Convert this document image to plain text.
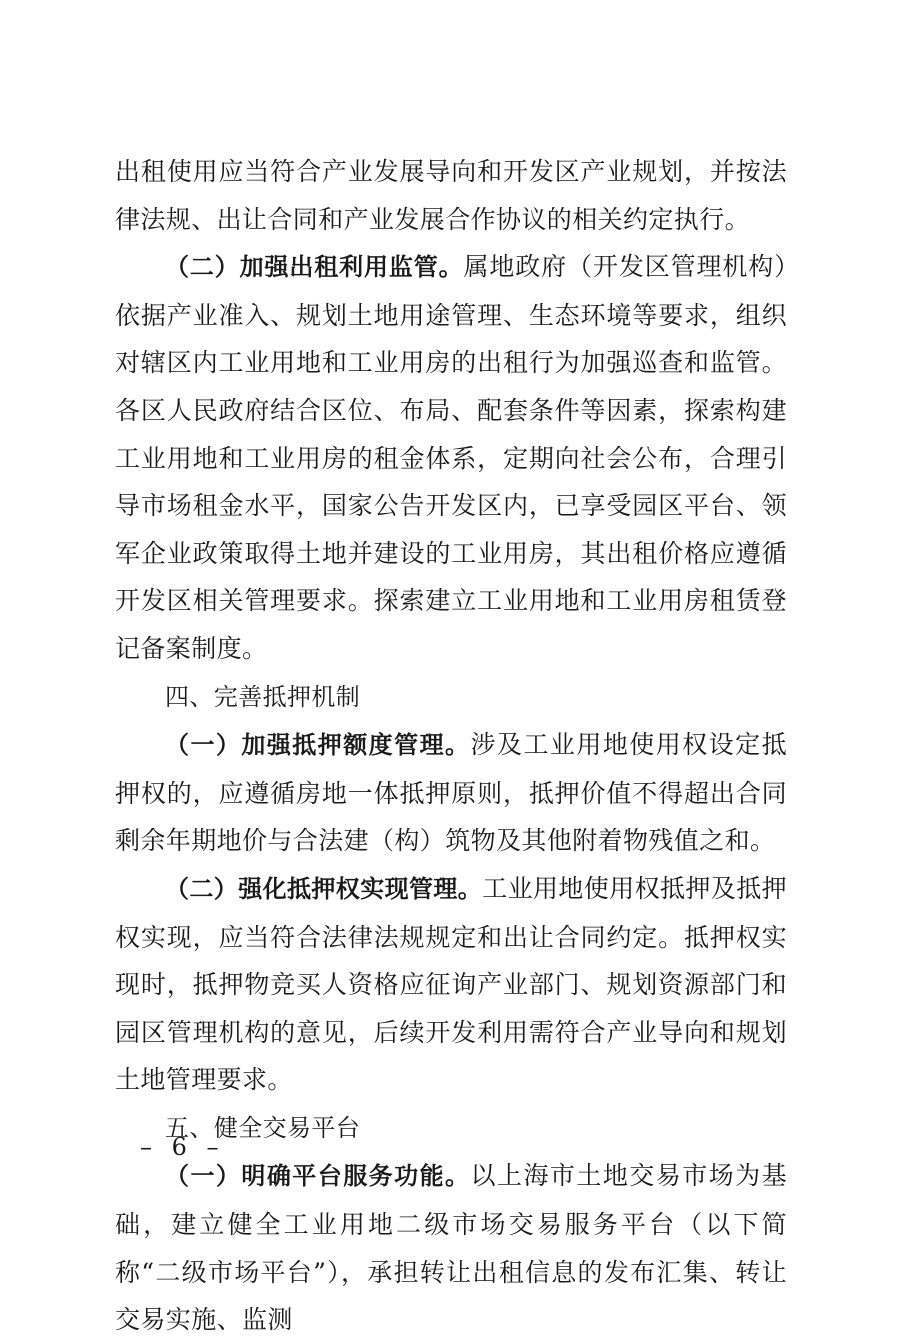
出租使用应当符合产业发展导向和开发区产业规划，并按法律法规、出让合同和产业发展合作协议的相关约定执行。

（二）加强出租利用监管。属地政府（开发区管理机构）依据产业准入、规划土地用途管理、生态环境等要求，组织对辖区内工业用地和工业用房的出租行为加强巡查和监管。各区人民政府结合区位、布局、配套条件等因素，探索构建工业用地和工业用房的租金体系，定期向社会公布，合理引导市场租金水平，国家公告开发区内，已享受园区平台、领军企业政策取得土地并建设的工业用房，其出租价格应遵循开发区相关管理要求。探索建立工业用地和工业用房租赁登记备案制度。

四、完善抵押机制

（一）加强抵押额度管理。涉及工业用地使用权设定抵押权的，应遵循房地一体抵押原则，抵押价值不得超出合同剩余年期地价与合法建（构）筑物及其他附着物残值之和。

（二）强化抵押权实现管理。工业用地使用权抵押及抵押权实现，应当符合法律法规规定和出让合同约定。抵押权实现时，抵押物竞买人资格应征询产业部门、规划资源部门和园区管理机构的意见，后续开发利用需符合产业导向和规划土地管理要求。

五、健全交易平台

（一）明确平台服务功能。以上海市土地交易市场为基础，建立健全工业用地二级市场交易服务平台（以下简称“二级市场平台”），承担转让出租信息的发布汇集、转让交易实施、监测

– 6 –
